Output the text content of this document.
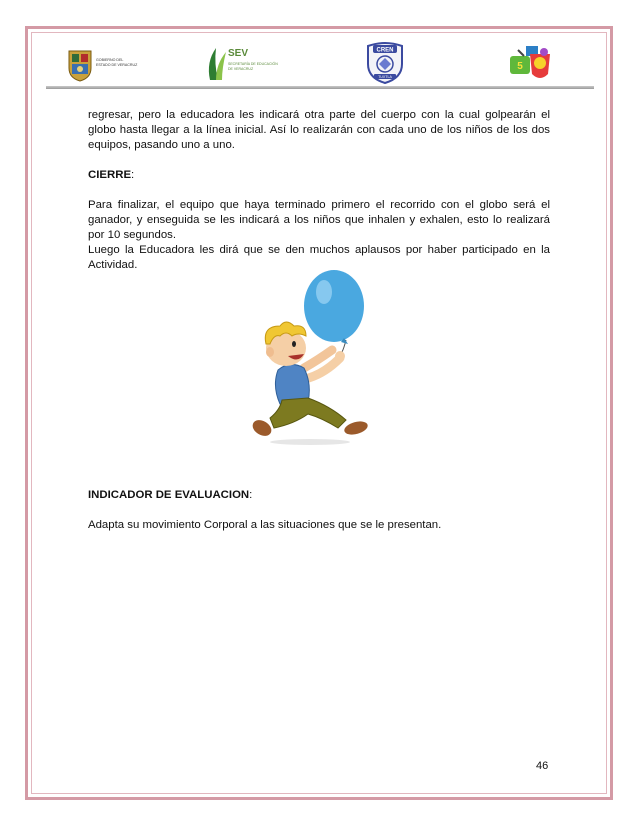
GOBIERNO DEL
ESTADO DE VERACRUZ
SEV
SECRETARÍA DE EDUCACIÓN
DE VERACRUZ
CREN
TUXTLA
5

regresar, pero la educadora les indicará otra parte del cuerpo con la cual golpearán el globo hasta llegar a la línea inicial. Así lo realizarán con cada uno de los niños de los dos equipos, pasando uno a uno.

CIERRE:

Para finalizar, el equipo que haya terminado primero el recorrido con el globo será el ganador, y enseguida se les indicará a los niños que inhalen y exhalen, esto lo realizará por 10 segundos.

Luego la Educadora les dirá que se den muchos aplausos por haber participado en la Actividad.

INDICADOR DE EVALUACION:

Adapta su movimiento Corporal a las situaciones que se le presentan.

46
